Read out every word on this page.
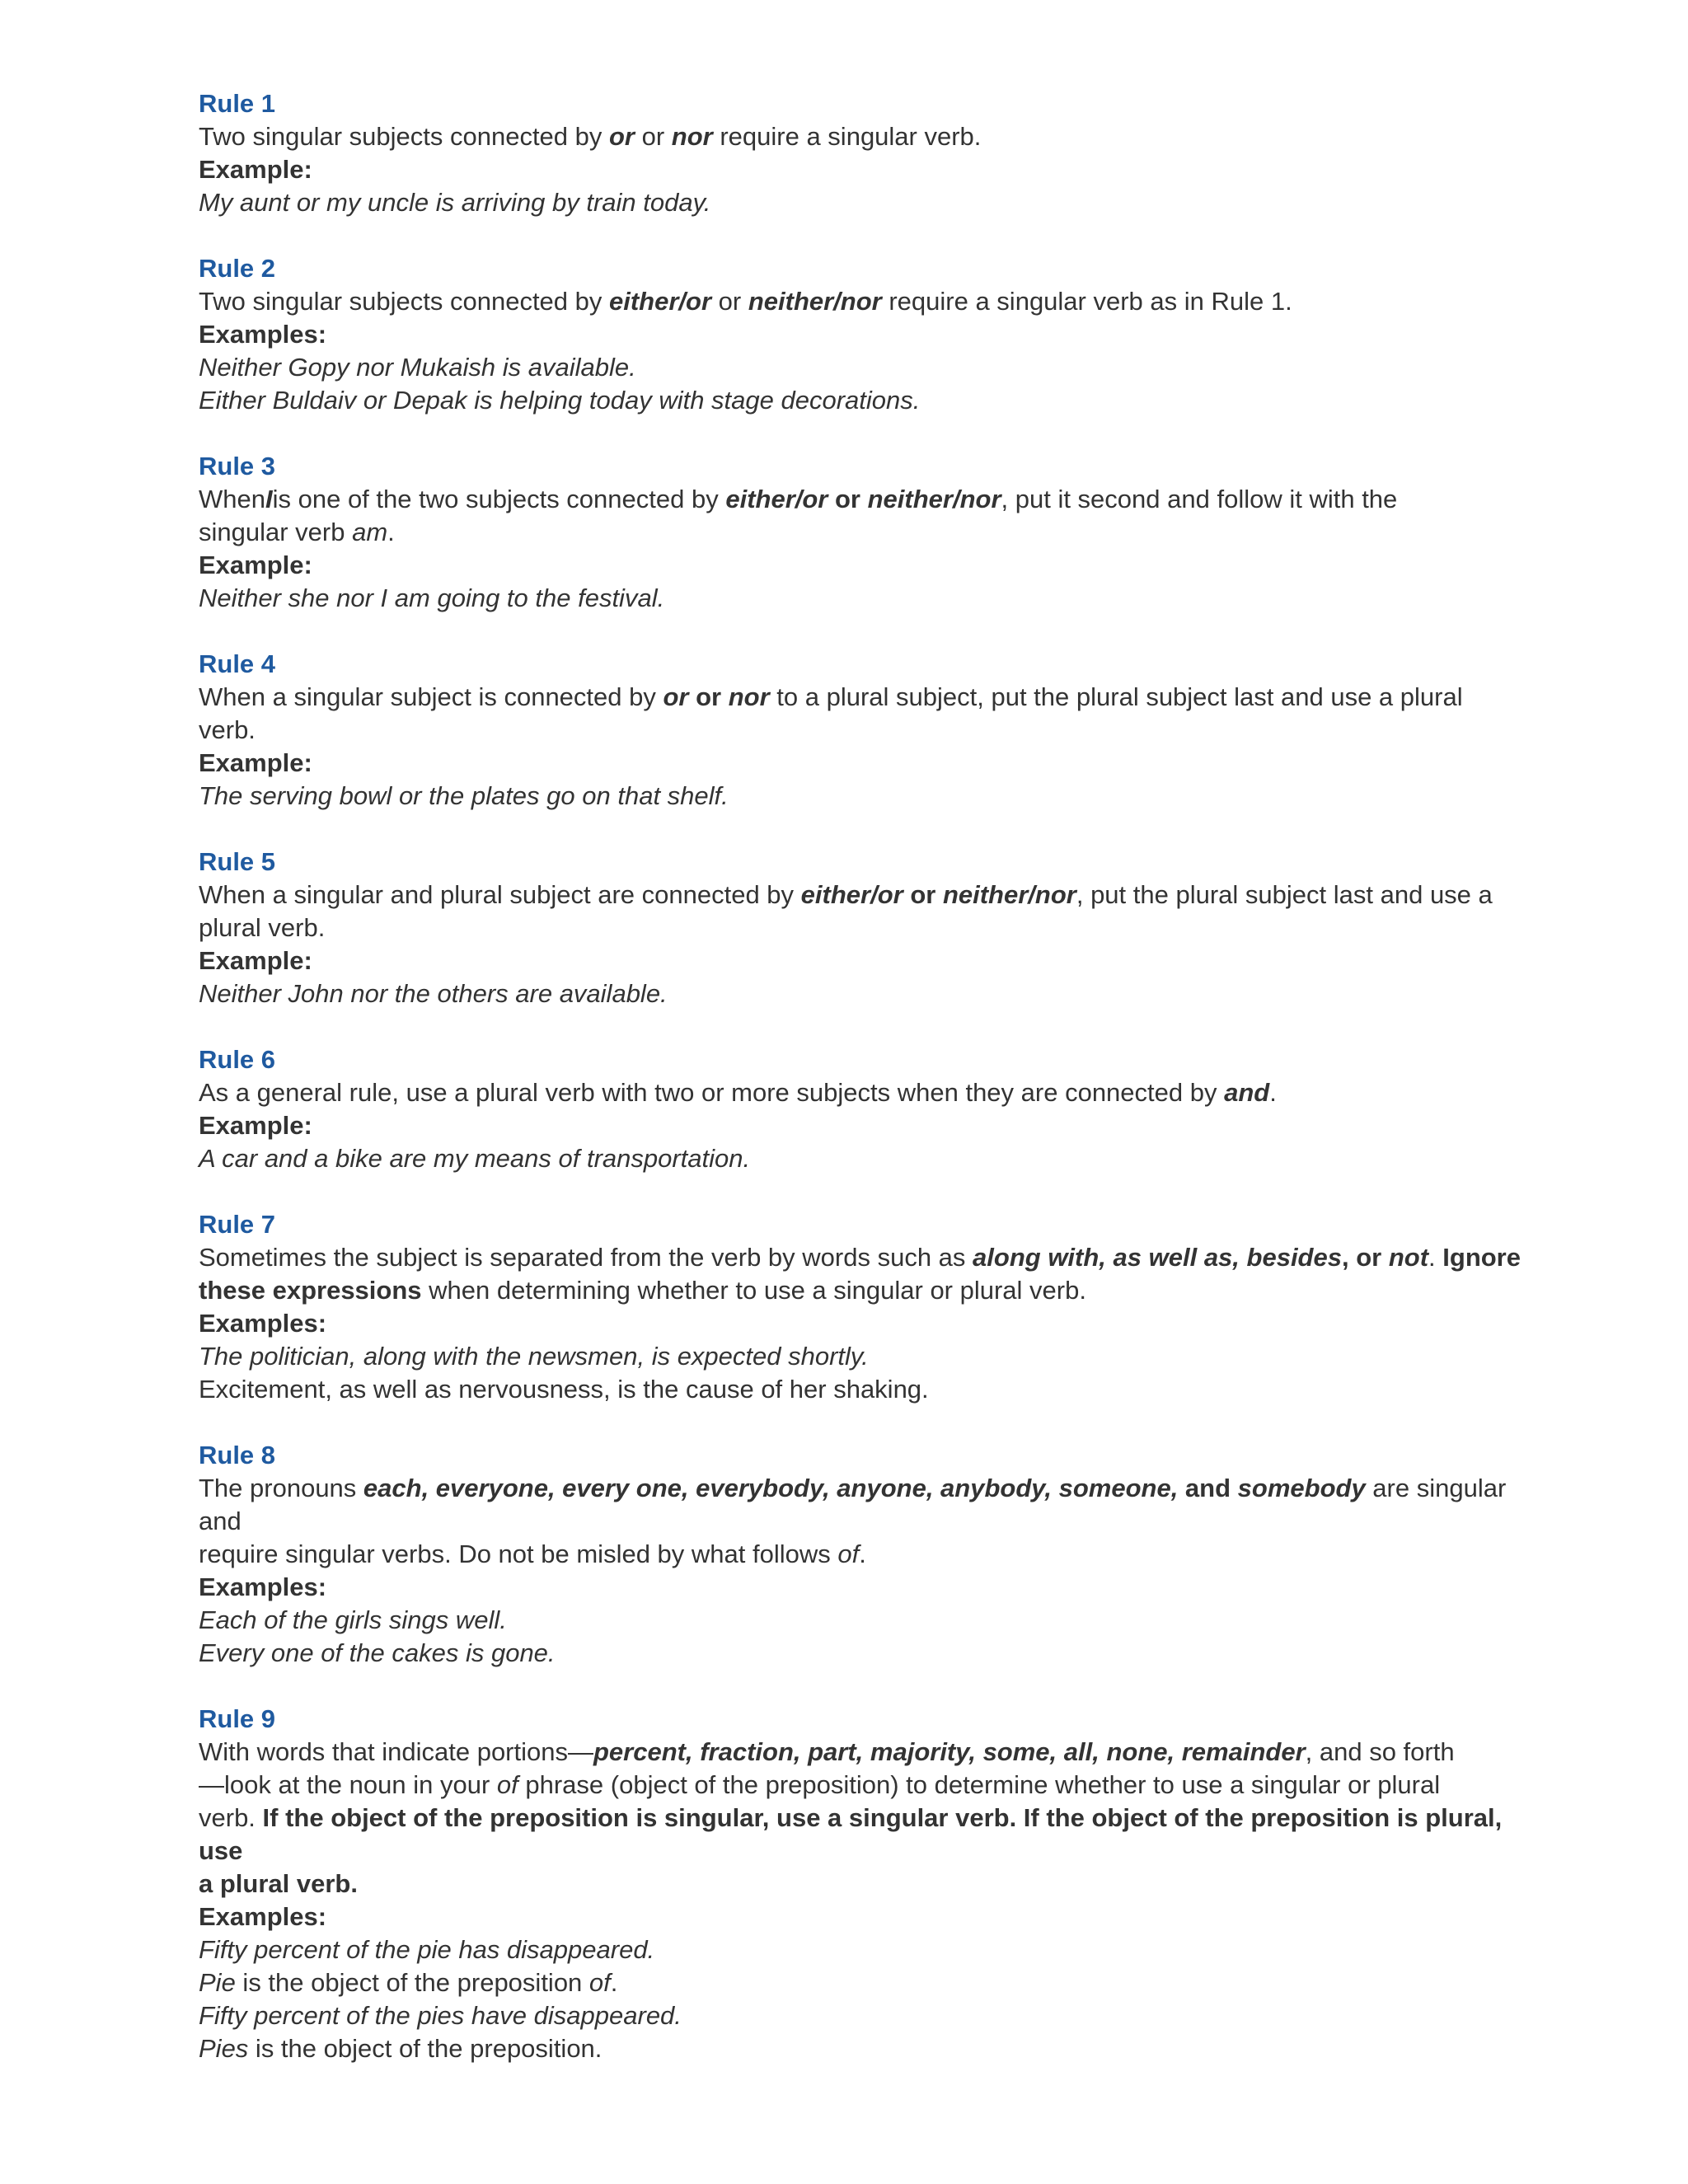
Rule 1

Two singular subjects connected by or or nor require a singular verb.

Example:

My aunt or my uncle is arriving by train today.

Rule 2

Two singular subjects connected by either/or or neither/nor require a singular verb as in Rule 1.

Examples:

Neither Gopy nor Mukaish is available.

Either Buldaiv or Depak is helping today with stage decorations.

Rule 3

WhenIis one of the two subjects connected by either/or or neither/nor, put it second and follow it with the

singular verb am.

Example:

Neither she nor I am going to the festival.

Rule 4

When a singular subject is connected by or or nor to a plural subject, put the plural subject last and use a plural

verb.

Example:

The serving bowl or the plates go on that shelf.

Rule 5

When a singular and plural subject are connected by either/or or neither/nor, put the plural subject last and use a

plural verb.

Example:

Neither John nor the others are available.

Rule 6

As a general rule, use a plural verb with two or more subjects when they are connected by and.

Example:

A car and a bike are my means of transportation.

Rule 7

Sometimes the subject is separated from the verb by words such as along with, as well as, besides, or not. Ignore

these expressions when determining whether to use a singular or plural verb.

Examples:

The politician, along with the newsmen, is expected shortly.

Excitement, as well as nervousness, is the cause of her shaking.

Rule 8

The pronouns each, everyone, every one, everybody, anyone, anybody, someone, and somebody are singular and

require singular verbs. Do not be misled by what follows of.

Examples:

Each of the girls sings well.

Every one of the cakes is gone.

Rule 9

With words that indicate portions—percent, fraction, part, majority, some, all, none, remainder, and so forth

—look at the noun in your of phrase (object of the preposition) to determine whether to use a singular or plural

verb. If the object of the preposition is singular, use a singular verb. If the object of the preposition is plural, use

a plural verb.

Examples:

Fifty percent of the pie has disappeared.

Pie is the object of the preposition of.

Fifty percent of the pies have disappeared.

Pies is the object of the preposition.
